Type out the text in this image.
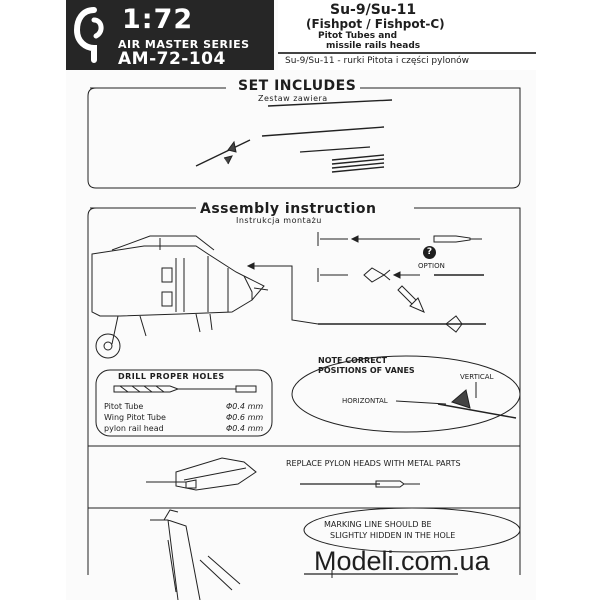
1:72
AIR MASTER SERIES
AM-72-104
Su-9/Su-11
(Fishpot / Fishpot-C)
Pitot Tubes and
missile rails heads
Su-9/Su-11 - rurki Pitota i części pylonów
SET INCLUDES
Zestaw zawiera
Assembly instruction
Instrukcja montażu
?
OPTION
NOTE CORRECT
POSITIONS OF VANES
VERTICAL
HORIZONTAL
DRILL PROPER HOLES
Pitot Tube	Φ0.4 mm
Wing Pitot Tube	Φ0.6 mm
pylon rail head	Φ0.4 mm
REPLACE PYLON HEADS WITH METAL PARTS
MARKING LINE SHOULD BE
SLIGHTLY HIDDEN IN THE HOLE
Modeli.com.ua
